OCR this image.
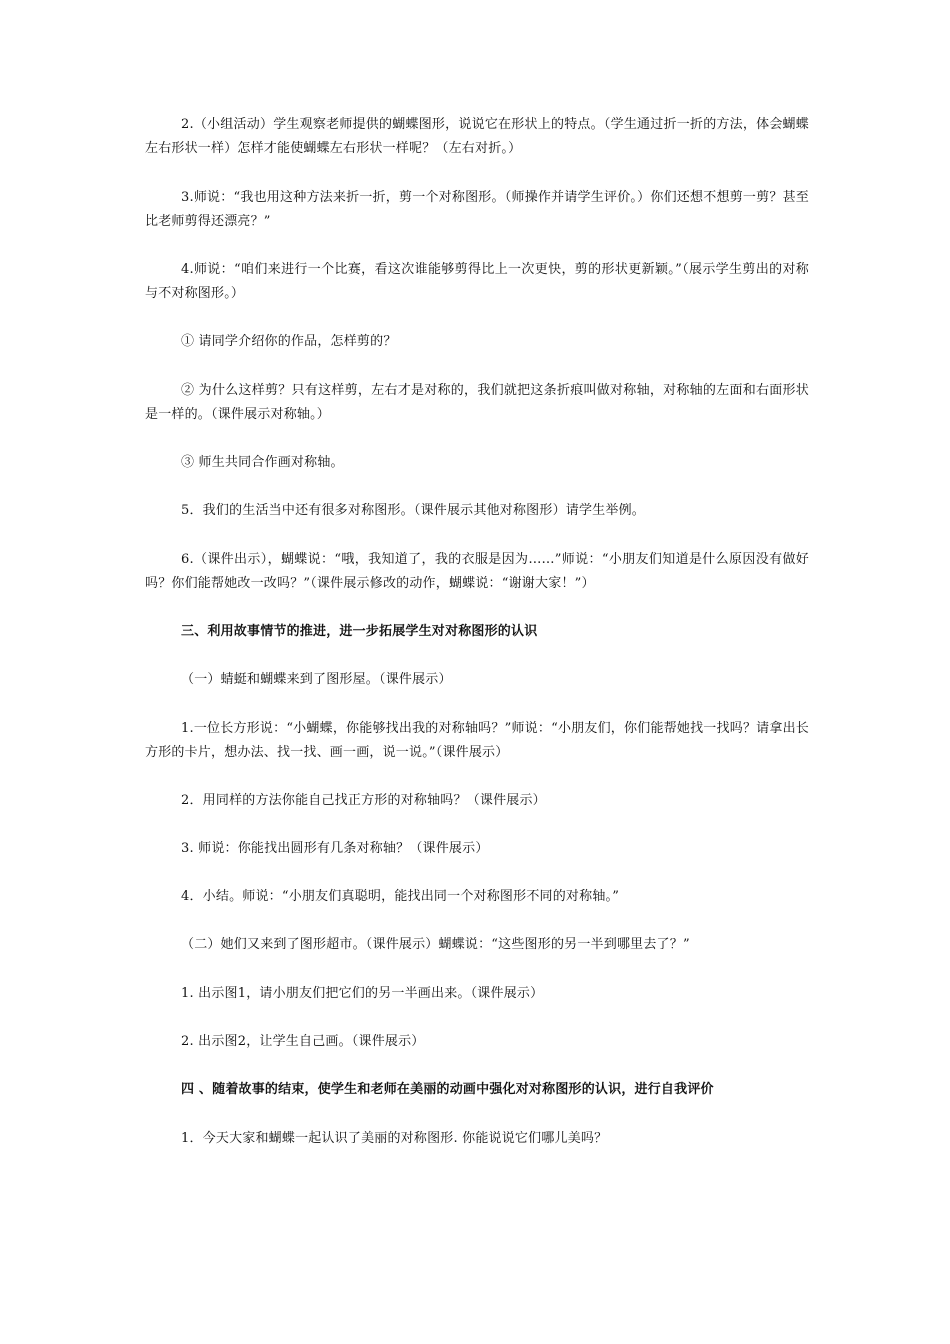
2.（小组活动）学生观察老师提供的蝴蝶图形，说说它在形状上的特点。（学生通过折一折的方法，体会蝴蝶左右形状一样）怎样才能使蝴蝶左右形状一样呢？（左右对折。）

3.师说：“我也用这种方法来折一折，剪一个对称图形。（师操作并请学生评价。）你们还想不想剪一剪？甚至比老师剪得还漂亮？”

4.师说：“咱们来进行一个比赛，看这次谁能够剪得比上一次更快，剪的形状更新颖。”（展示学生剪出的对称与不对称图形。）

① 请同学介绍你的作品，怎样剪的？

② 为什么这样剪？只有这样剪，左右才是对称的，我们就把这条折痕叫做对称轴，对称轴的左面和右面形状是一样的。（课件展示对称轴。）

③ 师生共同合作画对称轴。

5．我们的生活当中还有很多对称图形。（课件展示其他对称图形）请学生举例。

6.（课件出示），蝴蝶说：“哦，我知道了，我的衣服是因为……”师说：“小朋友们知道是什么原因没有做好吗？你们能帮她改一改吗？”（课件展示修改的动作，蝴蝶说：“谢谢大家！”）

三、利用故事情节的推进，进一步拓展学生对对称图形的认识

（一）蜻蜓和蝴蝶来到了图形屋。（课件展示）

1.一位长方形说：“小蝴蝶，你能够找出我的对称轴吗？”师说：“小朋友们，你们能帮她找一找吗？请拿出长方形的卡片，想办法、找一找、画一画，说一说。”（课件展示）

2．用同样的方法你能自己找正方形的对称轴吗？（课件展示）

3. 师说：你能找出圆形有几条对称轴？（课件展示）

4．小结。师说：“小朋友们真聪明，能找出同一个对称图形不同的对称轴。”

（二）她们又来到了图形超市。（课件展示）蝴蝶说：“这些图形的另一半到哪里去了？”

1. 出示图1，请小朋友们把它们的另一半画出来。（课件展示）

2. 出示图2，让学生自己画。（课件展示）

四 、随着故事的结束，使学生和老师在美丽的动画中强化对对称图形的认识，进行自我评价

1．今天大家和蝴蝶一起认识了美丽的对称图形. 你能说说它们哪儿美吗？
